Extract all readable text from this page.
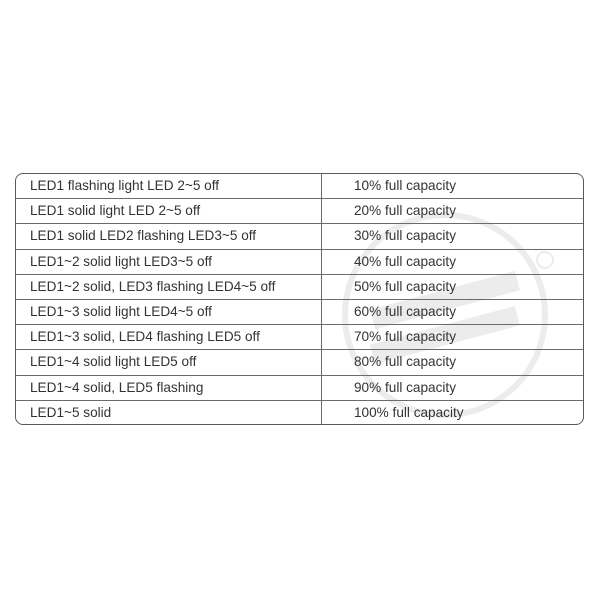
LED1 flashing light LED 2~5 off	10% full capacity
LED1 solid light LED 2~5 off	20% full capacity
LED1 solid LED2 flashing LED3~5 off	30% full capacity
LED1~2 solid light LED3~5 off	40% full capacity
LED1~2 solid, LED3 flashing LED4~5 off	50% full capacity
LED1~3 solid light LED4~5 off	60% full capacity
LED1~3 solid, LED4 flashing LED5 off	70% full capacity
LED1~4 solid light LED5 off	80% full capacity
LED1~4 solid, LED5 flashing	90% full capacity
LED1~5 solid	100% full capacity
